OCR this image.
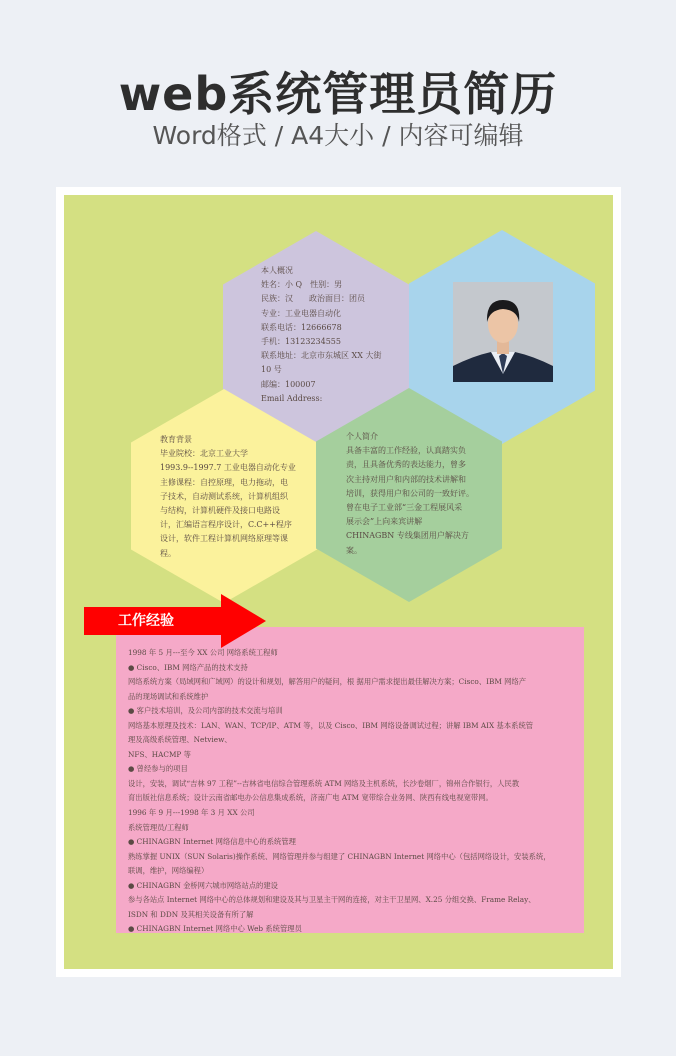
web系统管理员简历
Word格式 / A4大小 / 内容可编辑
本人概况
姓名：小 Q　性别：男
民族：汉　　政治面目：团员
专业：工业电器自动化
联系电话：12666678
手机：13123234555
联系地址：北京市东城区 XX 大街
10 号
邮编：100007
Email Address:
教育背景
毕业院校：北京工业大学
1993.9--1997.7 工业电器自动化专业
主修课程：自控原理，电力拖动，电
子技术，自动测试系统，计算机组织
与结构，计算机硬件及接口电路设
计，汇编语言程序设计，C.C++程序
设计，软件工程计算机网络原理等课
程。
个人简介
具备丰富的工作经验，认真踏实负
责，且具备优秀的表达能力，曾多
次主持对用户和内部的技术讲解和
培训，获得用户和公司的一致好评。
曾在电子工业部“三金工程展风采
展示会”上向来宾讲解
CHINAGBN 专线集团用户解决方
案。
工作经验
1998 年 5 月---至今 XX 公司 网络系统工程师
● Cisco、IBM 网络产品的技术支持
网络系统方案（局域网和广域网）的设计和规划，解答用户的疑问，根 据用户需求提出最佳解决方案；Cisco、IBM 网络产
品的现场调试和系统维护
● 客户技术培训，及公司内部的技术交流与培训
网络基本原理及技术：LAN、WAN、TCP/IP、ATM 等，以及 Cisco、IBM 网络设备调试过程；讲解 IBM AIX 基本系统管
理及高级系统管理、Netview、
NFS、HACMP 等
● 曾经参与的项目
设计，安装，调试“吉林 97 工程”--吉林省电信综合管理系统 ATM 网络及主机系统，长沙卷烟厂，锦州合作银行，人民教
育出版社信息系统；设计云南省邮电办公信息集成系统，济南广电 ATM 宽带综合业务网、陕西有线电视宽带网。
1996 年 9 月---1998 年 3 月 XX 公司
系统管理员/工程师
● CHINAGBN Internet 网络信息中心的系统管理
熟练掌握 UNIX（SUN Solaris)操作系统、网络管理并参与组建了 CHINAGBN Internet 网络中心（包括网络设计，安装系统，
联调，维护，网络编程）
● CHINAGBN 金桥网六城市网络站点的建设
参与各站点 Internet 网络中心的总体规划和建设及其与卫星主干网的连接，对主干卫星网、X.25 分组交换、Frame Relay、
ISDN 和 DDN 及其相关设备有所了解
● CHINAGBN Internet 网络中心 Web 系统管理员
